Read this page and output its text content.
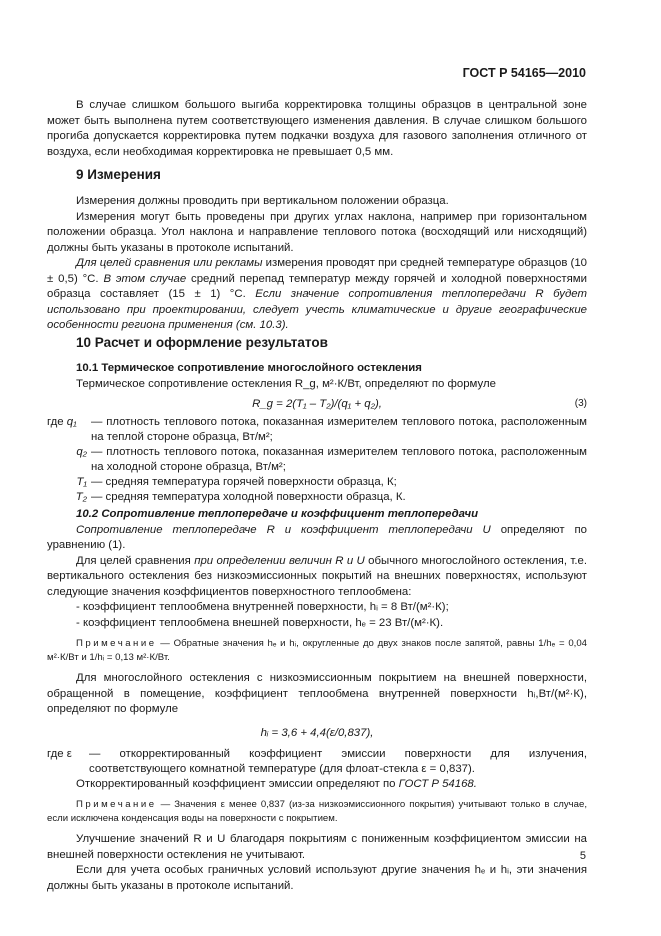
ГОСТ Р 54165—2010

В случае слишком большого выгиба корректировка толщины образцов в центральной зоне может быть выполнена путем соответствующего изменения давления. В случае слишком большого прогиба допускается корректировка путем подкачки воздуха для газового заполнения отличного от воздуха, если необходимая корректировка не превышает 0,5 мм.

9 Измерения

Измерения должны проводить при вертикальном положении образца.

Измерения могут быть проведены при других углах наклона, например при горизонтальном положении образца. Угол наклона и направление теплового потока (восходящий или нисходящий) должны быть указаны в протоколе испытаний.

Для целей сравнения или рекламы измерения проводят при средней температуре образцов (10 ± 0,5) °С. В этом случае средний перепад температур между горячей и холодной поверхностями образца составляет (15 ± 1) °С. Если значение сопротивления теплопередачи R будет использовано при проектировании, следует учесть климатические и другие географические особенности региона применения (см. 10.3).

10 Расчет и оформление результатов
10.1 Термическое сопротивление многослойного остекления

Термическое сопротивление остекления R_g, м²·К/Вт, определяют по формуле

R_g = 2(T₁ – T₂)/(q₁ + q₂),	(3)
где q₁	— плотность теплового потока, показанная измерителем теплового потока, расположенным на теплой стороне образца, Вт/м²;
q₂ — плотность теплового потока, показанная измерителем теплового потока, расположенным на холодной стороне образца, Вт/м²;
T₁ — средняя температура горячей поверхности образца, К;
T₂ — средняя температура холодной поверхности образца, К.
10.2 Сопротивление теплопередаче и коэффициент теплопередачи

Сопротивление теплопередаче R и коэффициент теплопередачи U определяют по уравнению (1).

Для целей сравнения при определении величин R и U обычного многослойного остекления, т.е. вертикального остекления без низкоэмиссионных покрытий на внешних поверхностях, используют следующие значения коэффициентов поверхностного теплообмена:

- коэффициент теплообмена внутренней поверхности, hᵢ = 8 Вт/(м²·К);
- коэффициент теплообмена внешней поверхности, hₑ = 23 Вт/(м²·К).

Примечание — Обратные значения hₑ и hᵢ, округленные до двух знаков после запятой, равны 1/hₑ = 0,04 м²·К/Вт и 1/hᵢ = 0,13 м²·К/Вт.

Для многослойного остекления с низкоэмиссионным покрытием на внешней поверхности, обращенной в помещение, коэффициент теплообмена внутренней поверхности hᵢ,Вт/(м²·К), определяют по формуле

hᵢ = 3,6 + 4,4(ε/0,837),
где ε	— откорректированный коэффициент эмиссии поверхности для излучения, соответствующего комнатной температуре (для флоат-стекла ε = 0,837).

Откорректированный коэффициент эмиссии определяют по ГОСТ Р 54168.

Примечание — Значения ε менее 0,837 (из-за низкоэмиссионного покрытия) учитывают только в случае, если исключена конденсация воды на поверхности с покрытием.

Улучшение значений R и U благодаря покрытиям с пониженным коэффициентом эмиссии на внешней поверхности остекления не учитывают.

Если для учета особых граничных условий используют другие значения hₑ и hᵢ, эти значения должны быть указаны в протоколе испытаний.

5
